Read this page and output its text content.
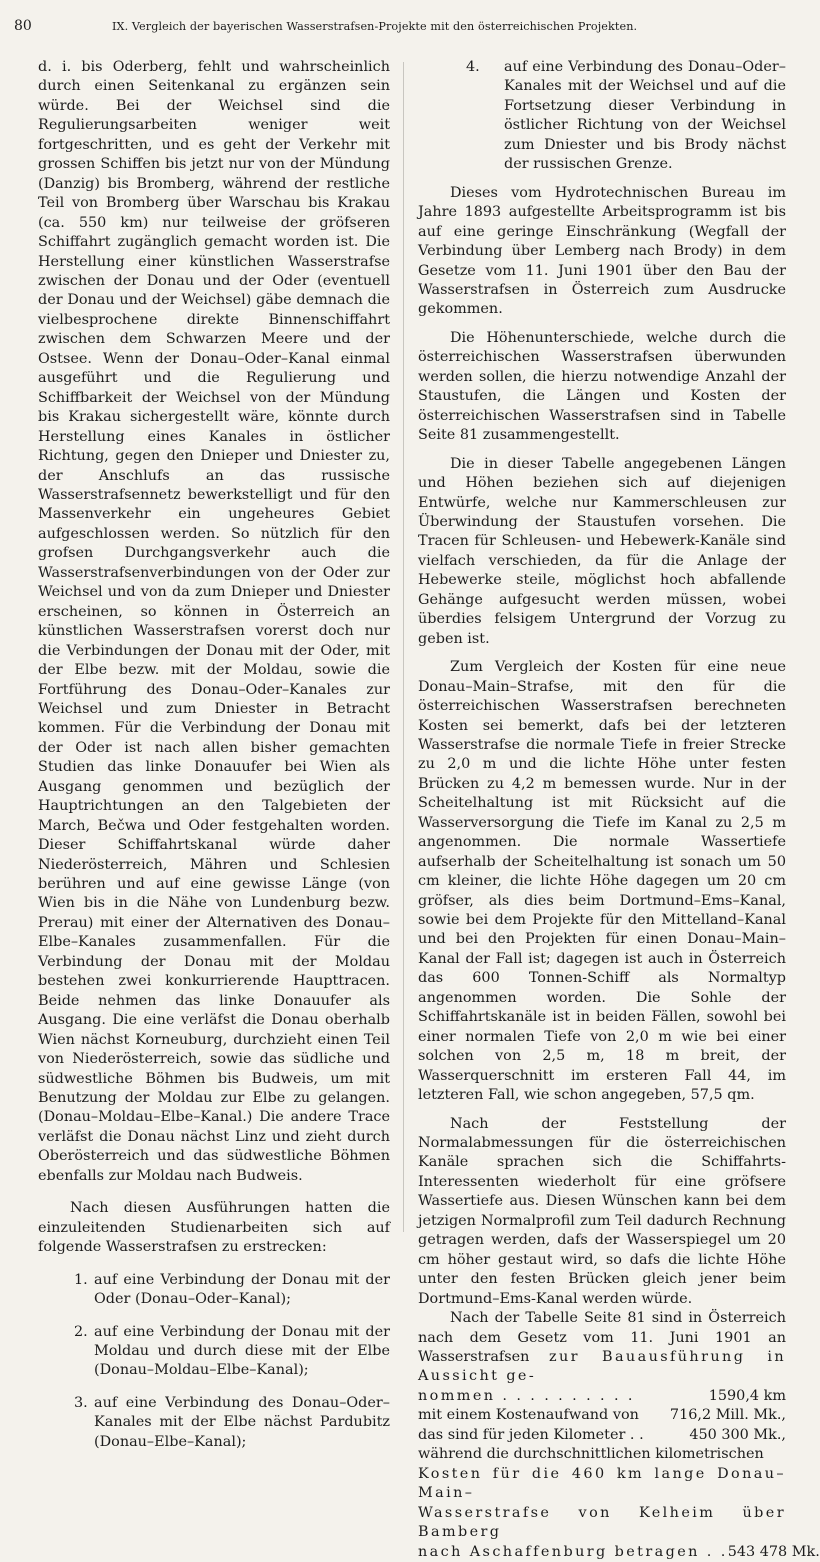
80	IX. Vergleich der bayerischen Wasserstrafsen-Projekte mit den österreichischen Projekten.

d. i. bis Oderberg, fehlt und wahrscheinlich durch einen Seitenkanal zu ergänzen sein würde. Bei der Weichsel sind die Regulierungsarbeiten weniger weit fortgeschritten, und es geht der Verkehr mit grossen Schiffen bis jetzt nur von der Mündung (Danzig) bis Bromberg, während der restliche Teil von Bromberg über Warschau bis Krakau (ca. 550 km) nur teilweise der gröfseren Schiffahrt zugänglich gemacht worden ist. Die Herstellung einer künstlichen Wasserstrafse zwischen der Donau und der Oder (eventuell der Donau und der Weichsel) gäbe demnach die vielbesprochene direkte Binnenschiffahrt zwischen dem Schwarzen Meere und der Ostsee. Wenn der Donau–Oder–Kanal einmal ausgeführt und die Regulierung und Schiffbarkeit der Weichsel von der Mündung bis Krakau sichergestellt wäre, könnte durch Herstellung eines Kanales in östlicher Richtung, gegen den Dnieper und Dniester zu, der Anschlufs an das russische Wasserstrafsennetz bewerkstelligt und für den Massenverkehr ein ungeheures Gebiet aufgeschlossen werden. So nützlich für den grofsen Durchgangsverkehr auch die Wasserstrafsenverbindungen von der Oder zur Weichsel und von da zum Dnieper und Dniester erscheinen, so können in Österreich an künstlichen Wasserstrafsen vorerst doch nur die Verbindungen der Donau mit der Oder, mit der Elbe bezw. mit der Moldau, sowie die Fortführung des Donau–Oder–Kanales zur Weichsel und zum Dniester in Betracht kommen. Für die Verbindung der Donau mit der Oder ist nach allen bisher gemachten Studien das linke Donauufer bei Wien als Ausgang genommen und bezüglich der Hauptrichtungen an den Talgebieten der March, Bečwa und Oder festgehalten worden. Dieser Schiffahrtskanal würde daher Niederösterreich, Mähren und Schlesien berühren und auf eine gewisse Länge (von Wien bis in die Nähe von Lundenburg bezw. Prerau) mit einer der Alternativen des Donau–Elbe–Kanales zusammenfallen. Für die Verbindung der Donau mit der Moldau bestehen zwei konkurrierende Haupttracen. Beide nehmen das linke Donauufer als Ausgang. Die eine verläfst die Donau oberhalb Wien nächst Korneuburg, durchzieht einen Teil von Niederösterreich, sowie das südliche und südwestliche Böhmen bis Budweis, um mit Benutzung der Moldau zur Elbe zu gelangen. (Donau–Moldau–Elbe–Kanal.) Die andere Trace verläfst die Donau nächst Linz und zieht durch Oberösterreich und das südwestliche Böhmen ebenfalls zur Moldau nach Budweis.

Nach diesen Ausführungen hatten die einzuleitenden Studienarbeiten sich auf folgende Wasserstrafsen zu erstrecken:

1. auf eine Verbindung der Donau mit der Oder (Donau–Oder–Kanal);
2. auf eine Verbindung der Donau mit der Moldau und durch diese mit der Elbe (Donau–Moldau–Elbe–Kanal);
3. auf eine Verbindung des Donau–Oder–Kanales mit der Elbe nächst Pardubitz (Donau–Elbe–Kanal);
4. auf eine Verbindung des Donau–Oder–Kanales mit der Weichsel und auf die Fortsetzung dieser Verbindung in östlicher Richtung von der Weichsel zum Dniester und bis Brody nächst der russischen Grenze.

Dieses vom Hydrotechnischen Bureau im Jahre 1893 aufgestellte Arbeitsprogramm ist bis auf eine geringe Einschränkung (Wegfall der Verbindung über Lemberg nach Brody) in dem Gesetze vom 11. Juni 1901 über den Bau der Wasserstrafsen in Österreich zum Ausdrucke gekommen.

Die Höhenunterschiede, welche durch die österreichischen Wasserstrafsen überwunden werden sollen, die hierzu notwendige Anzahl der Staustufen, die Längen und Kosten der österreichischen Wasserstrafsen sind in Tabelle Seite 81 zusammengestellt.

Die in dieser Tabelle angegebenen Längen und Höhen beziehen sich auf diejenigen Entwürfe, welche nur Kammerschleusen zur Überwindung der Staustufen vorsehen. Die Tracen für Schleusen- und Hebewerk-Kanäle sind vielfach verschieden, da für die Anlage der Hebewerke steile, möglichst hoch abfallende Gehänge aufgesucht werden müssen, wobei überdies felsigem Untergrund der Vorzug zu geben ist.

Zum Vergleich der Kosten für eine neue Donau–Main–Strafse, mit den für die österreichischen Wasserstrafsen berechneten Kosten sei bemerkt, dafs bei der letzteren Wasserstrafse die normale Tiefe in freier Strecke zu 2,0 m und die lichte Höhe unter festen Brücken zu 4,2 m bemessen wurde. Nur in der Scheitelhaltung ist mit Rücksicht auf die Wasserversorgung die Tiefe im Kanal zu 2,5 m angenommen. Die normale Wassertiefe aufserhalb der Scheitelhaltung ist sonach um 50 cm kleiner, die lichte Höhe dagegen um 20 cm gröfser, als dies beim Dortmund–Ems–Kanal, sowie bei dem Projekte für den Mittelland–Kanal und bei den Projekten für einen Donau–Main–Kanal der Fall ist; dagegen ist auch in Österreich das 600 Tonnen-Schiff als Normaltyp angenommen worden. Die Sohle der Schiffahrtskanäle ist in beiden Fällen, sowohl bei einer normalen Tiefe von 2,0 m wie bei einer solchen von 2,5 m, 18 m breit, der Wasserquerschnitt im ersteren Fall 44, im letzteren Fall, wie schon angegeben, 57,5 qm.

Nach der Feststellung der Normalabmessungen für die österreichischen Kanäle sprachen sich die Schiffahrts-Interessenten wiederholt für eine gröfsere Wassertiefe aus. Diesen Wünschen kann bei dem jetzigen Normalprofil zum Teil dadurch Rechnung getragen werden, dafs der Wasserspiegel um 20 cm höher gestaut wird, so dafs die lichte Höhe unter den festen Brücken gleich jener beim Dortmund–Ems-Kanal werden würde.

Nach der Tabelle Seite 81 sind in Österreich nach dem Gesetz vom 11. Juni 1901 an Wasserstrafsen zur Bauausführung in Aussicht ge-

nommen . . . . . . . . . .	1590,4 km
mit einem Kostenaufwand von 716,2 Mill. Mk.,
das sind für jeden Kilometer . .	450 300 Mk.,

während die durchschnittlichen kilometrischen

Kosten für die 460 km lange Donau–Main–

Wasserstrafse von Kelheim über Bamberg

nach Aschaffenburg betragen . . 543 478 Mk.
